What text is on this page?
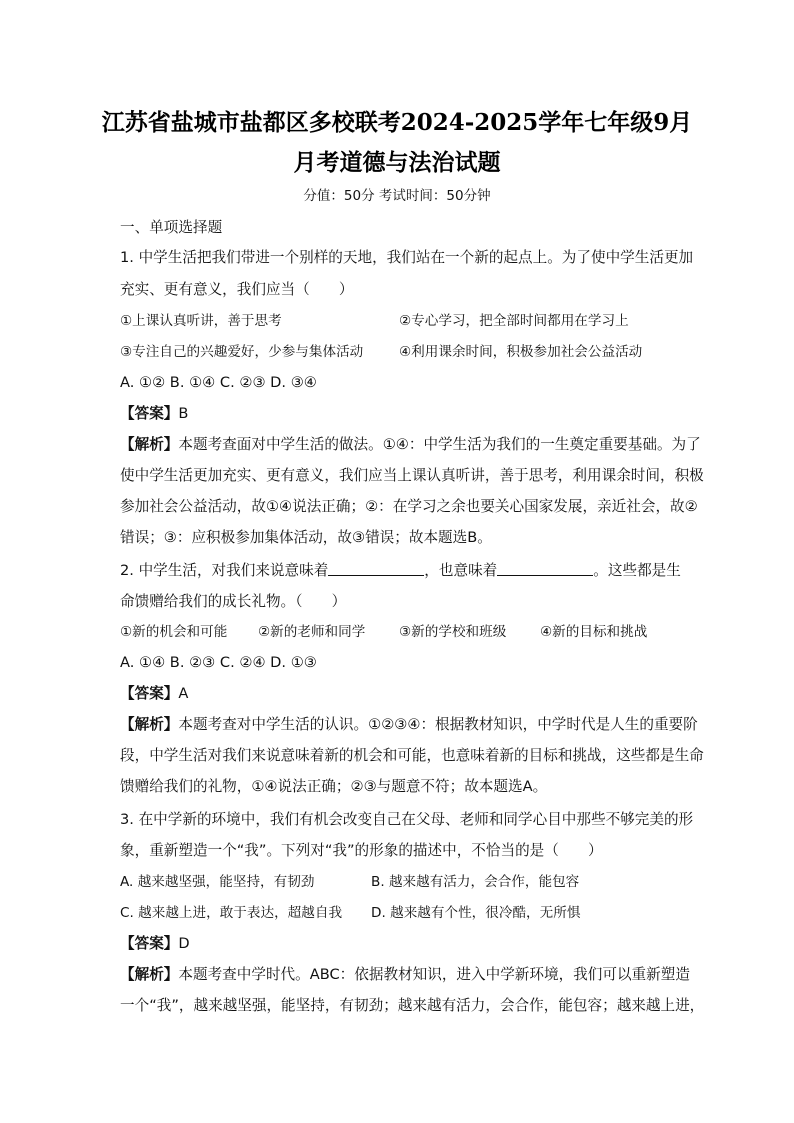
江苏省盐城市盐都区多校联考2024-2025学年七年级9月
月考道德与法治试题
分值：50分 考试时间：50分钟
一、单项选择题
1. 中学生活把我们带进一个别样的天地，我们站在一个新的起点上。为了使中学生活更加
充实、更有意义，我们应当（　　）
①上课认真听讲，善于思考	②专心学习，把全部时间都用在学习上
③专注自己的兴趣爱好，少参与集体活动	④利用课余时间，积极参加社会公益活动
A. ①② B. ①④ C. ②③ D. ③④
【答案】B
【解析】本题考查面对中学生活的做法。①④：中学生活为我们的一生奠定重要基础。为了
使中学生活更加充实、更有意义，我们应当上课认真听讲，善于思考，利用课余时间，积极
参加社会公益活动，故①④说法正确；②：在学习之余也要关心国家发展，亲近社会，故②
错误；③：应积极参加集体活动，故③错误；故本题选B。
2. 中学生活，对我们来说意味着	，也意味着	。这些都是生
命馈赠给我们的成长礼物。（　　）
①新的机会和可能 ②新的老师和同学 ③新的学校和班级 ④新的目标和挑战
A. ①④ B. ②③ C. ②④ D. ①③
【答案】A
【解析】本题考查对中学生活的认识。①②③④：根据教材知识，中学时代是人生的重要阶
段，中学生活对我们来说意味着新的机会和可能，也意味着新的目标和挑战，这些都是生命
馈赠给我们的礼物，①④说法正确；②③与题意不符；故本题选A。
3. 在中学新的环境中，我们有机会改变自己在父母、老师和同学心目中那些不够完美的形
象，重新塑造一个“我”。下列对“我”的形象的描述中，不恰当的是（　　）
A. 越来越坚强，能坚持，有韧劲	B. 越来越有活力，会合作，能包容
C. 越来越上进，敢于表达，超越自我 D. 越来越有个性，很冷酷，无所惧
【答案】D
【解析】本题考查中学时代。ABC：依据教材知识，进入中学新环境，我们可以重新塑造
一个“我”，越来越坚强，能坚持，有韧劲；越来越有活力，会合作，能包容；越来越上进，
